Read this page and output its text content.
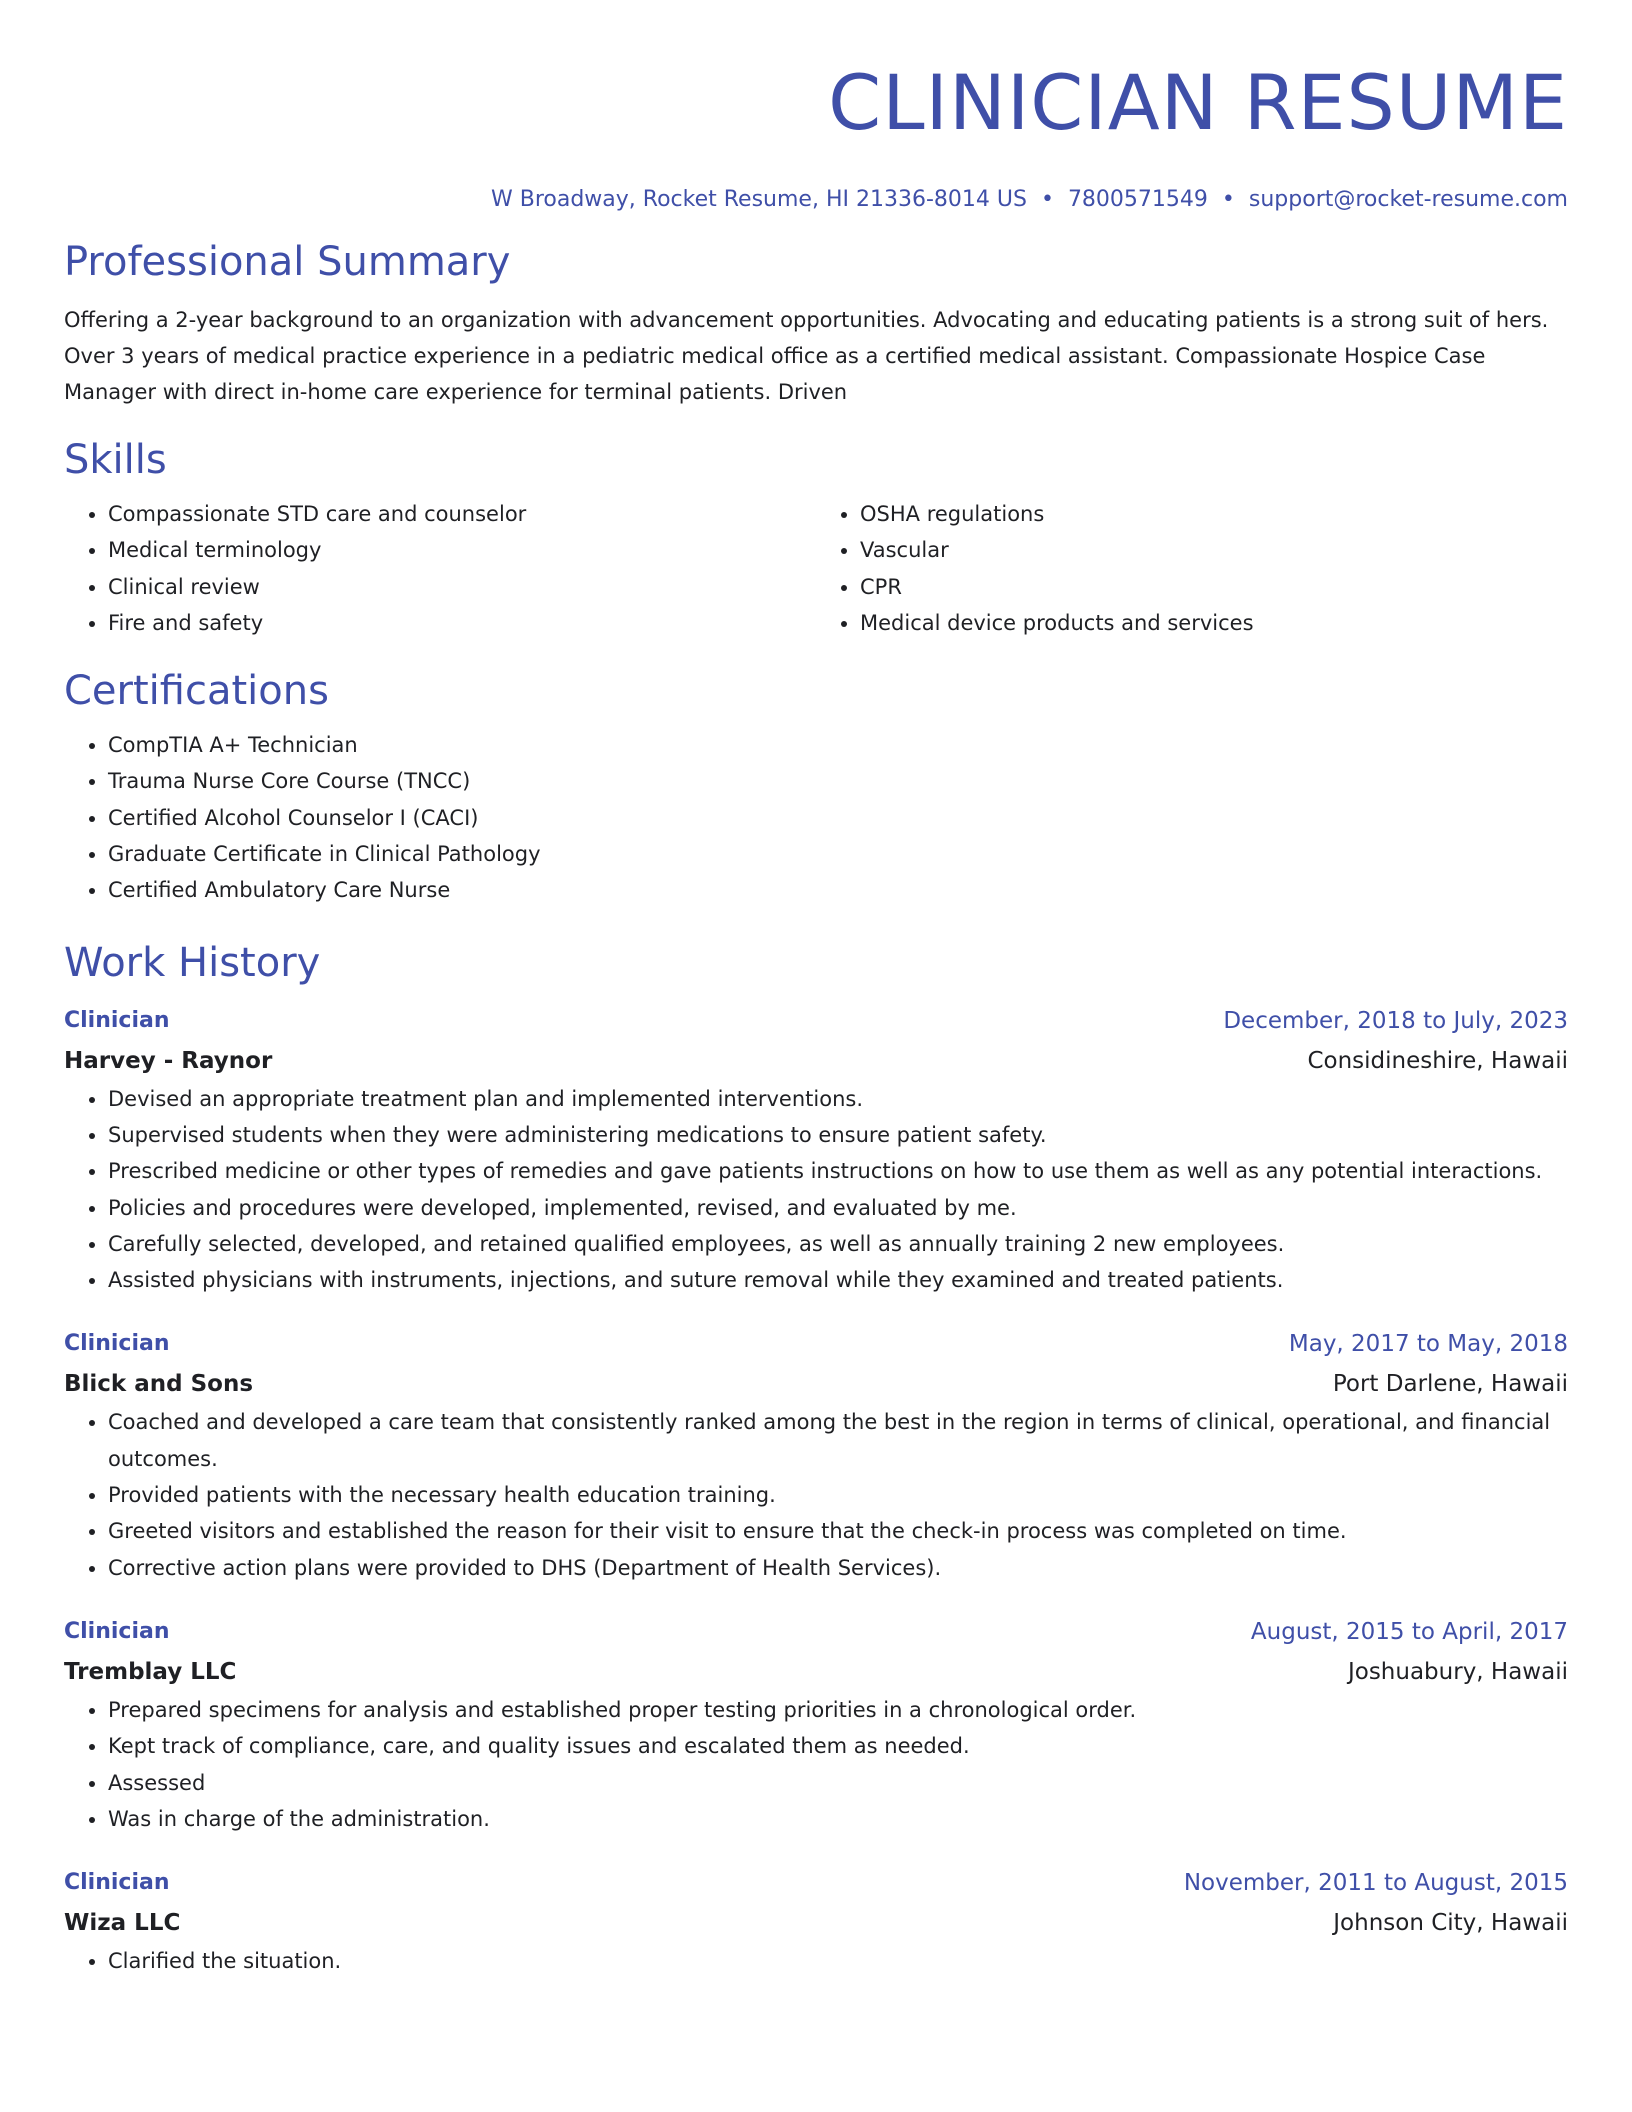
CLINICIAN RESUME
W Broadway, Rocket Resume, HI 21336-8014 US • 7800571549 • support@rocket-resume.com
Professional Summary

Offering a 2-year background to an organization with advancement opportunities. Advocating and educating patients is a strong suit of hers. Over 3 years of medical practice experience in a pediatric medical office as a certified medical assistant. Compassionate Hospice Case Manager with direct in-home care experience for terminal patients. Driven

Skills
• Compassionate STD care and counselor
• Medical terminology
• Clinical review
• Fire and safety
• OSHA regulations
• Vascular
• CPR
• Medical device products and services
Certifications
• CompTIA A+ Technician
• Trauma Nurse Core Course (TNCC)
• Certified Alcohol Counselor I (CACI)
• Graduate Certificate in Clinical Pathology
• Certified Ambulatory Care Nurse
Work History
Clinician	December, 2018 to July, 2023
Harvey - Raynor	Considineshire, Hawaii
• Devised an appropriate treatment plan and implemented interventions.
• Supervised students when they were administering medications to ensure patient safety.
• Prescribed medicine or other types of remedies and gave patients instructions on how to use them as well as any potential interactions.
• Policies and procedures were developed, implemented, revised, and evaluated by me.
• Carefully selected, developed, and retained qualified employees, as well as annually training 2 new employees.
• Assisted physicians with instruments, injections, and suture removal while they examined and treated patients.
Clinician	May, 2017 to May, 2018
Blick and Sons	Port Darlene, Hawaii
• Coached and developed a care team that consistently ranked among the best in the region in terms of clinical, operational, and financial outcomes.
• Provided patients with the necessary health education training.
• Greeted visitors and established the reason for their visit to ensure that the check-in process was completed on time.
• Corrective action plans were provided to DHS (Department of Health Services).
Clinician	August, 2015 to April, 2017
Tremblay LLC	Joshuabury, Hawaii
• Prepared specimens for analysis and established proper testing priorities in a chronological order.
• Kept track of compliance, care, and quality issues and escalated them as needed.
• Assessed
• Was in charge of the administration.
Clinician	November, 2011 to August, 2015
Wiza LLC	Johnson City, Hawaii
• Clarified the situation.
